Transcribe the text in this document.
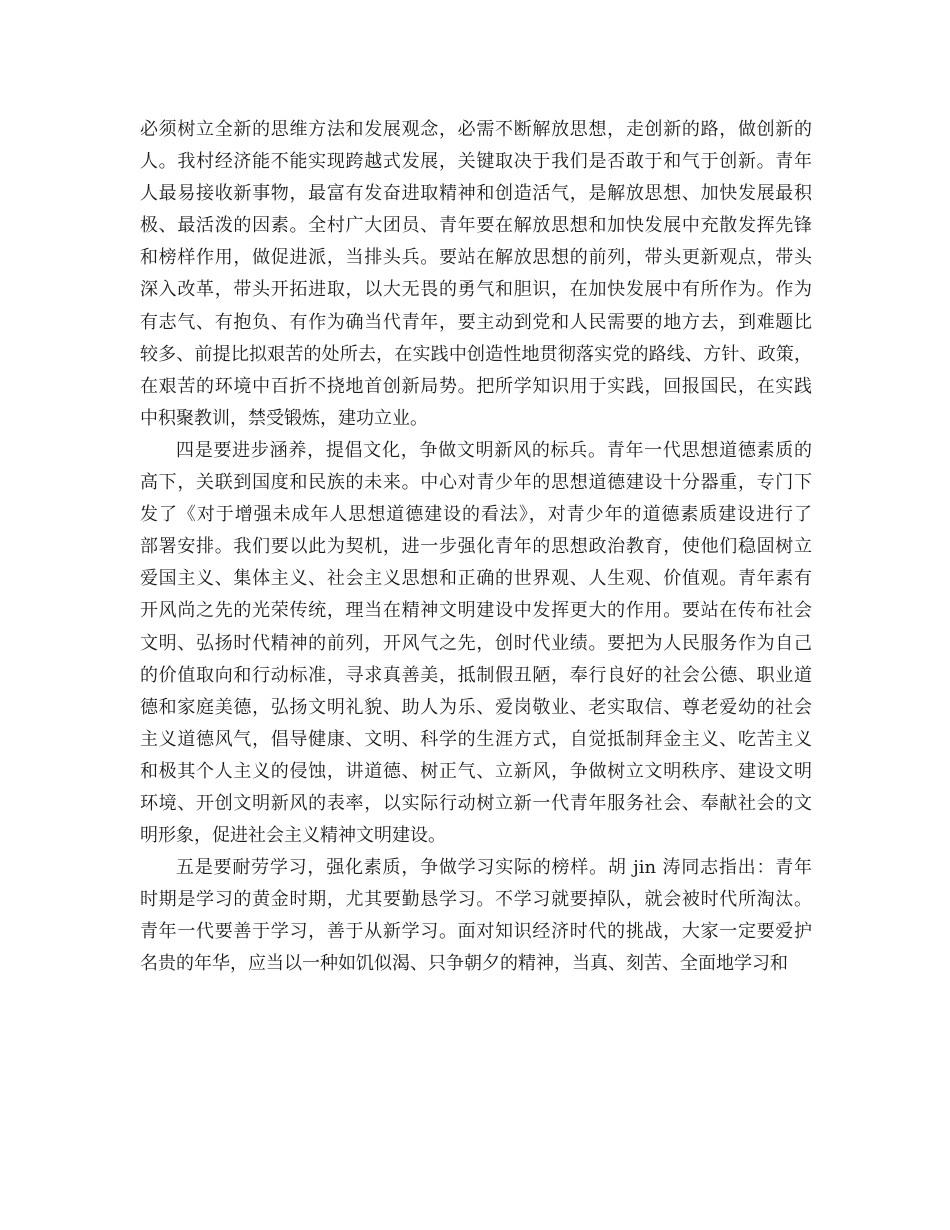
必须树立全新的思维方法和发展观念，必需不断解放思想，走创新的路，做创新的
人。我村经济能不能实现跨越式发展，关键取决于我们是否敢于和气于创新。青年
人最易接收新事物，最富有发奋进取精神和创造活气，是解放思想、加快发展最积
极、最活泼的因素。全村广大团员、青年要在解放思想和加快发展中充散发挥先锋
和榜样作用，做促进派，当排头兵。要站在解放思想的前列，带头更新观点，带头
深入改革，带头开拓进取，以大无畏的勇气和胆识，在加快发展中有所作为。作为
有志气、有抱负、有作为确当代青年，要主动到党和人民需要的地方去，到难题比
较多、前提比拟艰苦的处所去，在实践中创造性地贯彻落实党的路线、方针、政策，
在艰苦的环境中百折不挠地首创新局势。把所学知识用于实践，回报国民，在实践
中积聚教训，禁受锻炼，建功立业。
四是要进步涵养，提倡文化，争做文明新风的标兵。青年一代思想道德素质的
高下，关联到国度和民族的未来。中心对青少年的思想道德建设十分器重，专门下
发了《对于增强未成年人思想道德建设的看法》，对青少年的道德素质建设进行了
部署安排。我们要以此为契机，进一步强化青年的思想政治教育，使他们稳固树立
爱国主义、集体主义、社会主义思想和正确的世界观、人生观、价值观。青年素有
开风尚之先的光荣传统，理当在精神文明建设中发挥更大的作用。要站在传布社会
文明、弘扬时代精神的前列，开风气之先，创时代业绩。要把为人民服务作为自己
的价值取向和行动标准，寻求真善美，抵制假丑陋，奉行良好的社会公德、职业道
德和家庭美德，弘扬文明礼貌、助人为乐、爱岗敬业、老实取信、尊老爱幼的社会
主义道德风气，倡导健康、文明、科学的生涯方式，自觉抵制拜金主义、吃苦主义
和极其个人主义的侵蚀，讲道德、树正气、立新风，争做树立文明秩序、建设文明
环境、开创文明新风的表率，以实际行动树立新一代青年服务社会、奉献社会的文
明形象，促进社会主义精神文明建设。
五是要耐劳学习，强化素质，争做学习实际的榜样。胡 jin 涛同志指出：青年
时期是学习的黄金时期，尤其要勤恳学习。不学习就要掉队，就会被时代所淘汰。
青年一代要善于学习，善于从新学习。面对知识经济时代的挑战，大家一定要爱护
名贵的年华，应当以一种如饥似渴、只争朝夕的精神，当真、刻苦、全面地学习和
